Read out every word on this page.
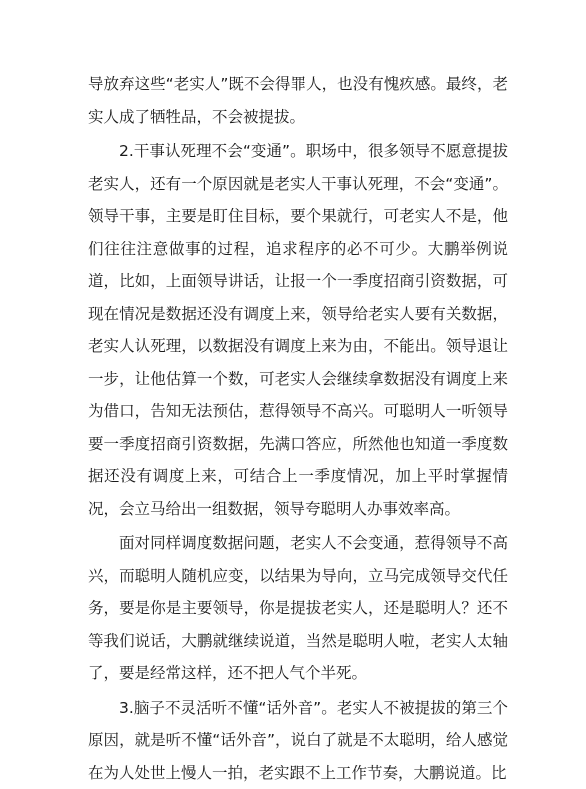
导放弃这些“老实人”既不会得罪人，也没有愧疚感。最终，老实人成了牺牲品，不会被提拔。

2.干事认死理不会“变通”。职场中，很多领导不愿意提拔老实人，还有一个原因就是老实人干事认死理，不会“变通”。领导干事，主要是盯住目标，要个果就行，可老实人不是，他们往往注意做事的过程，追求程序的必不可少。大鹏举例说道，比如，上面领导讲话，让报一个一季度招商引资数据，可现在情况是数据还没有调度上来，领导给老实人要有关数据，老实人认死理，以数据没有调度上来为由，不能出。领导退让一步，让他估算一个数，可老实人会继续拿数据没有调度上来为借口，告知无法预估，惹得领导不高兴。可聪明人一听领导要一季度招商引资数据，先满口答应，所然他也知道一季度数据还没有调度上来，可结合上一季度情况，加上平时掌握情况，会立马给出一组数据，领导夸聪明人办事效率高。

面对同样调度数据问题，老实人不会变通，惹得领导不高兴，而聪明人随机应变，以结果为导向，立马完成领导交代任务，要是你是主要领导，你是提拔老实人，还是聪明人？还不等我们说话，大鹏就继续说道，当然是聪明人啦，老实人太轴了，要是经常这样，还不把人气个半死。

3.脑子不灵活听不懂“话外音”。老实人不被提拔的第三个原因，就是听不懂“话外音”，说白了就是不太聪明，给人感觉在为人处世上慢人一拍，老实跟不上工作节奏，大鹏说道。比
